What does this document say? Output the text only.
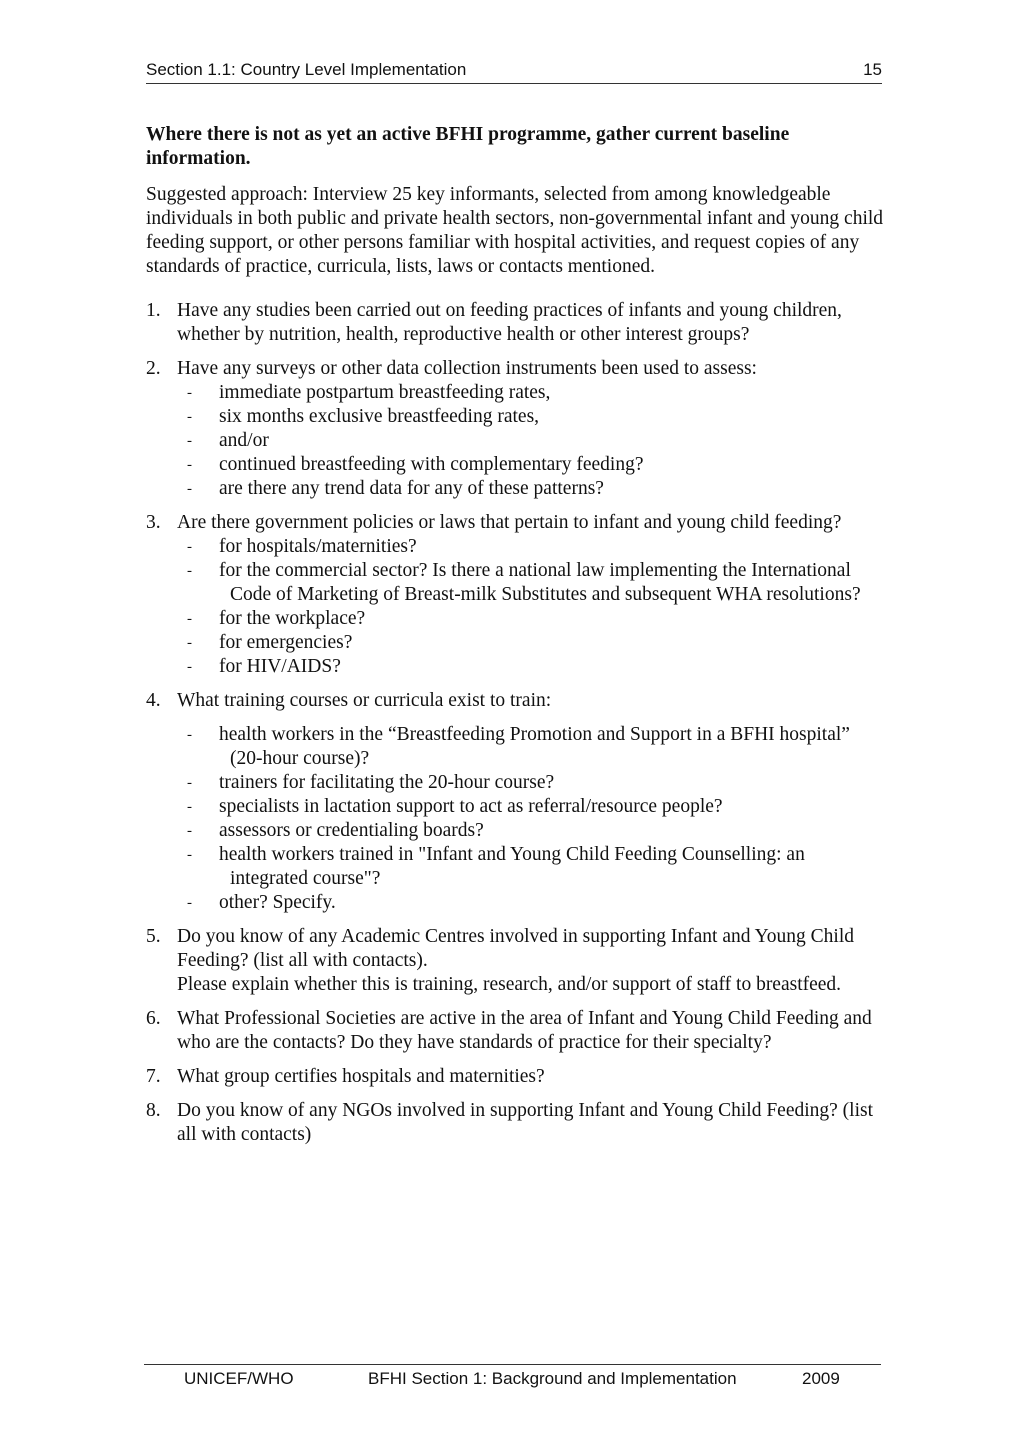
Section 1.1: Country Level Implementation	15

Where there is not as yet an active BFHI programme, gather current baseline information.

Suggested approach: Interview 25 key informants, selected from among knowledgeable individuals in both public and private health sectors, non-governmental infant and young child feeding support, or other persons familiar with hospital activities, and request copies of any standards of practice, curricula, lists, laws or contacts mentioned.

1. Have any studies been carried out on feeding practices of infants and young children, whether by nutrition, health, reproductive health or other interest groups?
2. Have any surveys or other data collection instruments been used to assess:
- immediate postpartum breastfeeding rates,
- six months exclusive breastfeeding rates,
- and/or
- continued breastfeeding with complementary feeding?
- are there any trend data for any of these patterns?
3. Are there government policies or laws that pertain to infant and young child feeding?
- for hospitals/maternities?
- for the commercial sector? Is there a national law implementing the International
Code of Marketing of Breast-milk Substitutes and subsequent WHA resolutions?
- for the workplace?
- for emergencies?
- for HIV/AIDS?
4. What training courses or curricula exist to train:
- health workers in the “Breastfeeding Promotion and Support in a BFHI hospital”
(20-hour course)?
- trainers for facilitating the 20-hour course?
- specialists in lactation support to act as referral/resource people?
- assessors or credentialing boards?
- health workers trained in "Infant and Young Child Feeding Counselling: an
integrated course"?
- other? Specify.
5. Do you know of any Academic Centres involved in supporting Infant and Young Child Feeding? (list all with contacts).
Please explain whether this is training, research, and/or support of staff to breastfeed.
6. What Professional Societies are active in the area of Infant and Young Child Feeding and who are the contacts? Do they have standards of practice for their specialty?
7. What group certifies hospitals and maternities?
8. Do you know of any NGOs involved in supporting Infant and Young Child Feeding? (list all with contacts)
UNICEF/WHO	BFHI Section 1: Background and Implementation	2009
